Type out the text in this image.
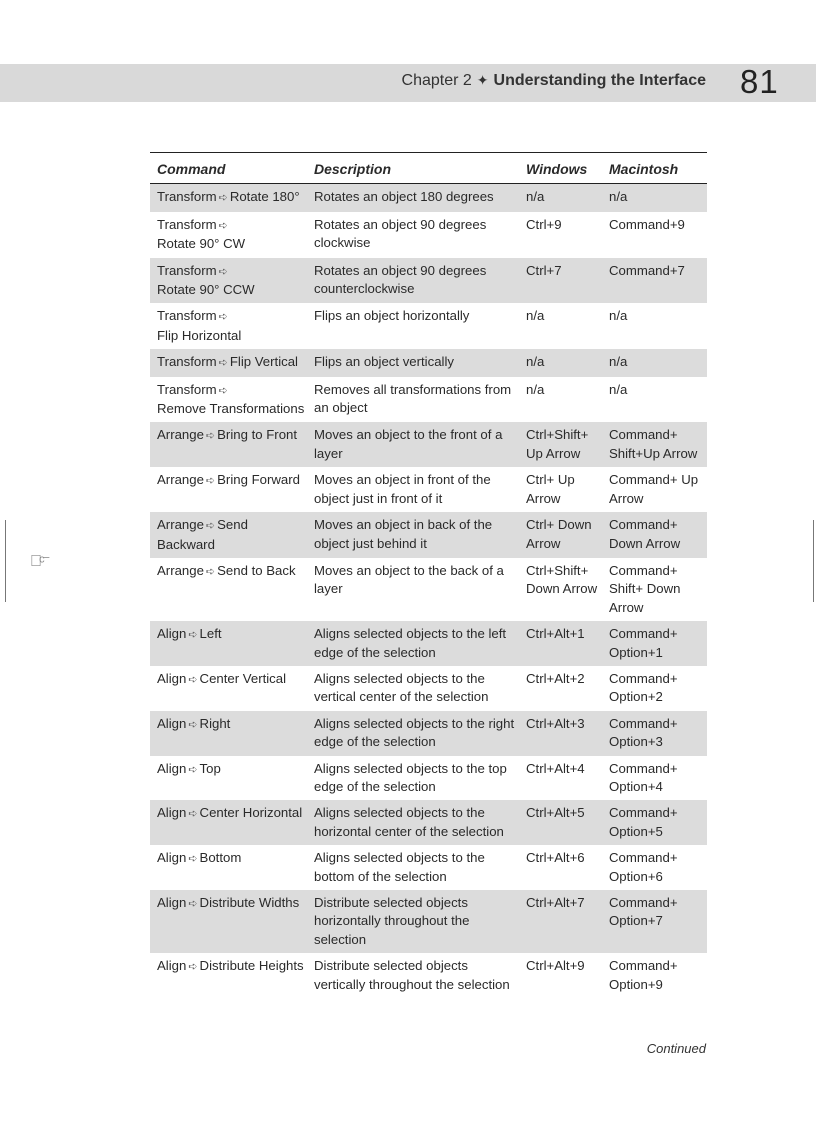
Chapter 2 ✦ Understanding the Interface 81
⁻ͨ⁻
Command	Description	Windows	Macintosh
Transform ➪ Rotate 180°	Rotates an object 180 degrees	n/a	n/a
Transform ➪
Rotate 90° CW	Rotates an object 90 degrees clockwise	Ctrl+9	Command+9
Transform ➪
Rotate 90° CCW	Rotates an object 90 degrees counterclockwise	Ctrl+7	Command+7
Transform ➪
Flip Horizontal	Flips an object horizontally	n/a	n/a
Transform ➪ Flip Vertical	Flips an object vertically	n/a	n/a
Transform ➪
Remove Transformations	Removes all transformations from an object	n/a	n/a
Arrange ➪ Bring to Front	Moves an object to the front of a layer	Ctrl+Shift+ Up Arrow	Command+ Shift+Up Arrow
Arrange ➪ Bring Forward	Moves an object in front of the object just in front of it	Ctrl+ Up Arrow	Command+ Up Arrow
Arrange ➪ Send Backward	Moves an object in back of the object just behind it	Ctrl+ Down Arrow	Command+ Down Arrow
Arrange ➪ Send to Back	Moves an object to the back of a layer	Ctrl+Shift+ Down Arrow	Command+ Shift+ Down Arrow
Align ➪ Left	Aligns selected objects to the left edge of the selection	Ctrl+Alt+1	Command+ Option+1
Align ➪ Center Vertical	Aligns selected objects to the vertical center of the selection	Ctrl+Alt+2	Command+ Option+2
Align ➪ Right	Aligns selected objects to the right edge of the selection	Ctrl+Alt+3	Command+ Option+3
Align ➪ Top	Aligns selected objects to the top edge of the selection	Ctrl+Alt+4	Command+ Option+4
Align ➪ Center Horizontal	Aligns selected objects to the horizontal center of the selection	Ctrl+Alt+5	Command+ Option+5
Align ➪ Bottom	Aligns selected objects to the bottom of the selection	Ctrl+Alt+6	Command+ Option+6
Align ➪ Distribute Widths	Distribute selected objects horizontally throughout the selection	Ctrl+Alt+7	Command+ Option+7
Align ➪ Distribute Heights	Distribute selected objects vertically throughout the selection	Ctrl+Alt+9	Command+ Option+9
Continued
